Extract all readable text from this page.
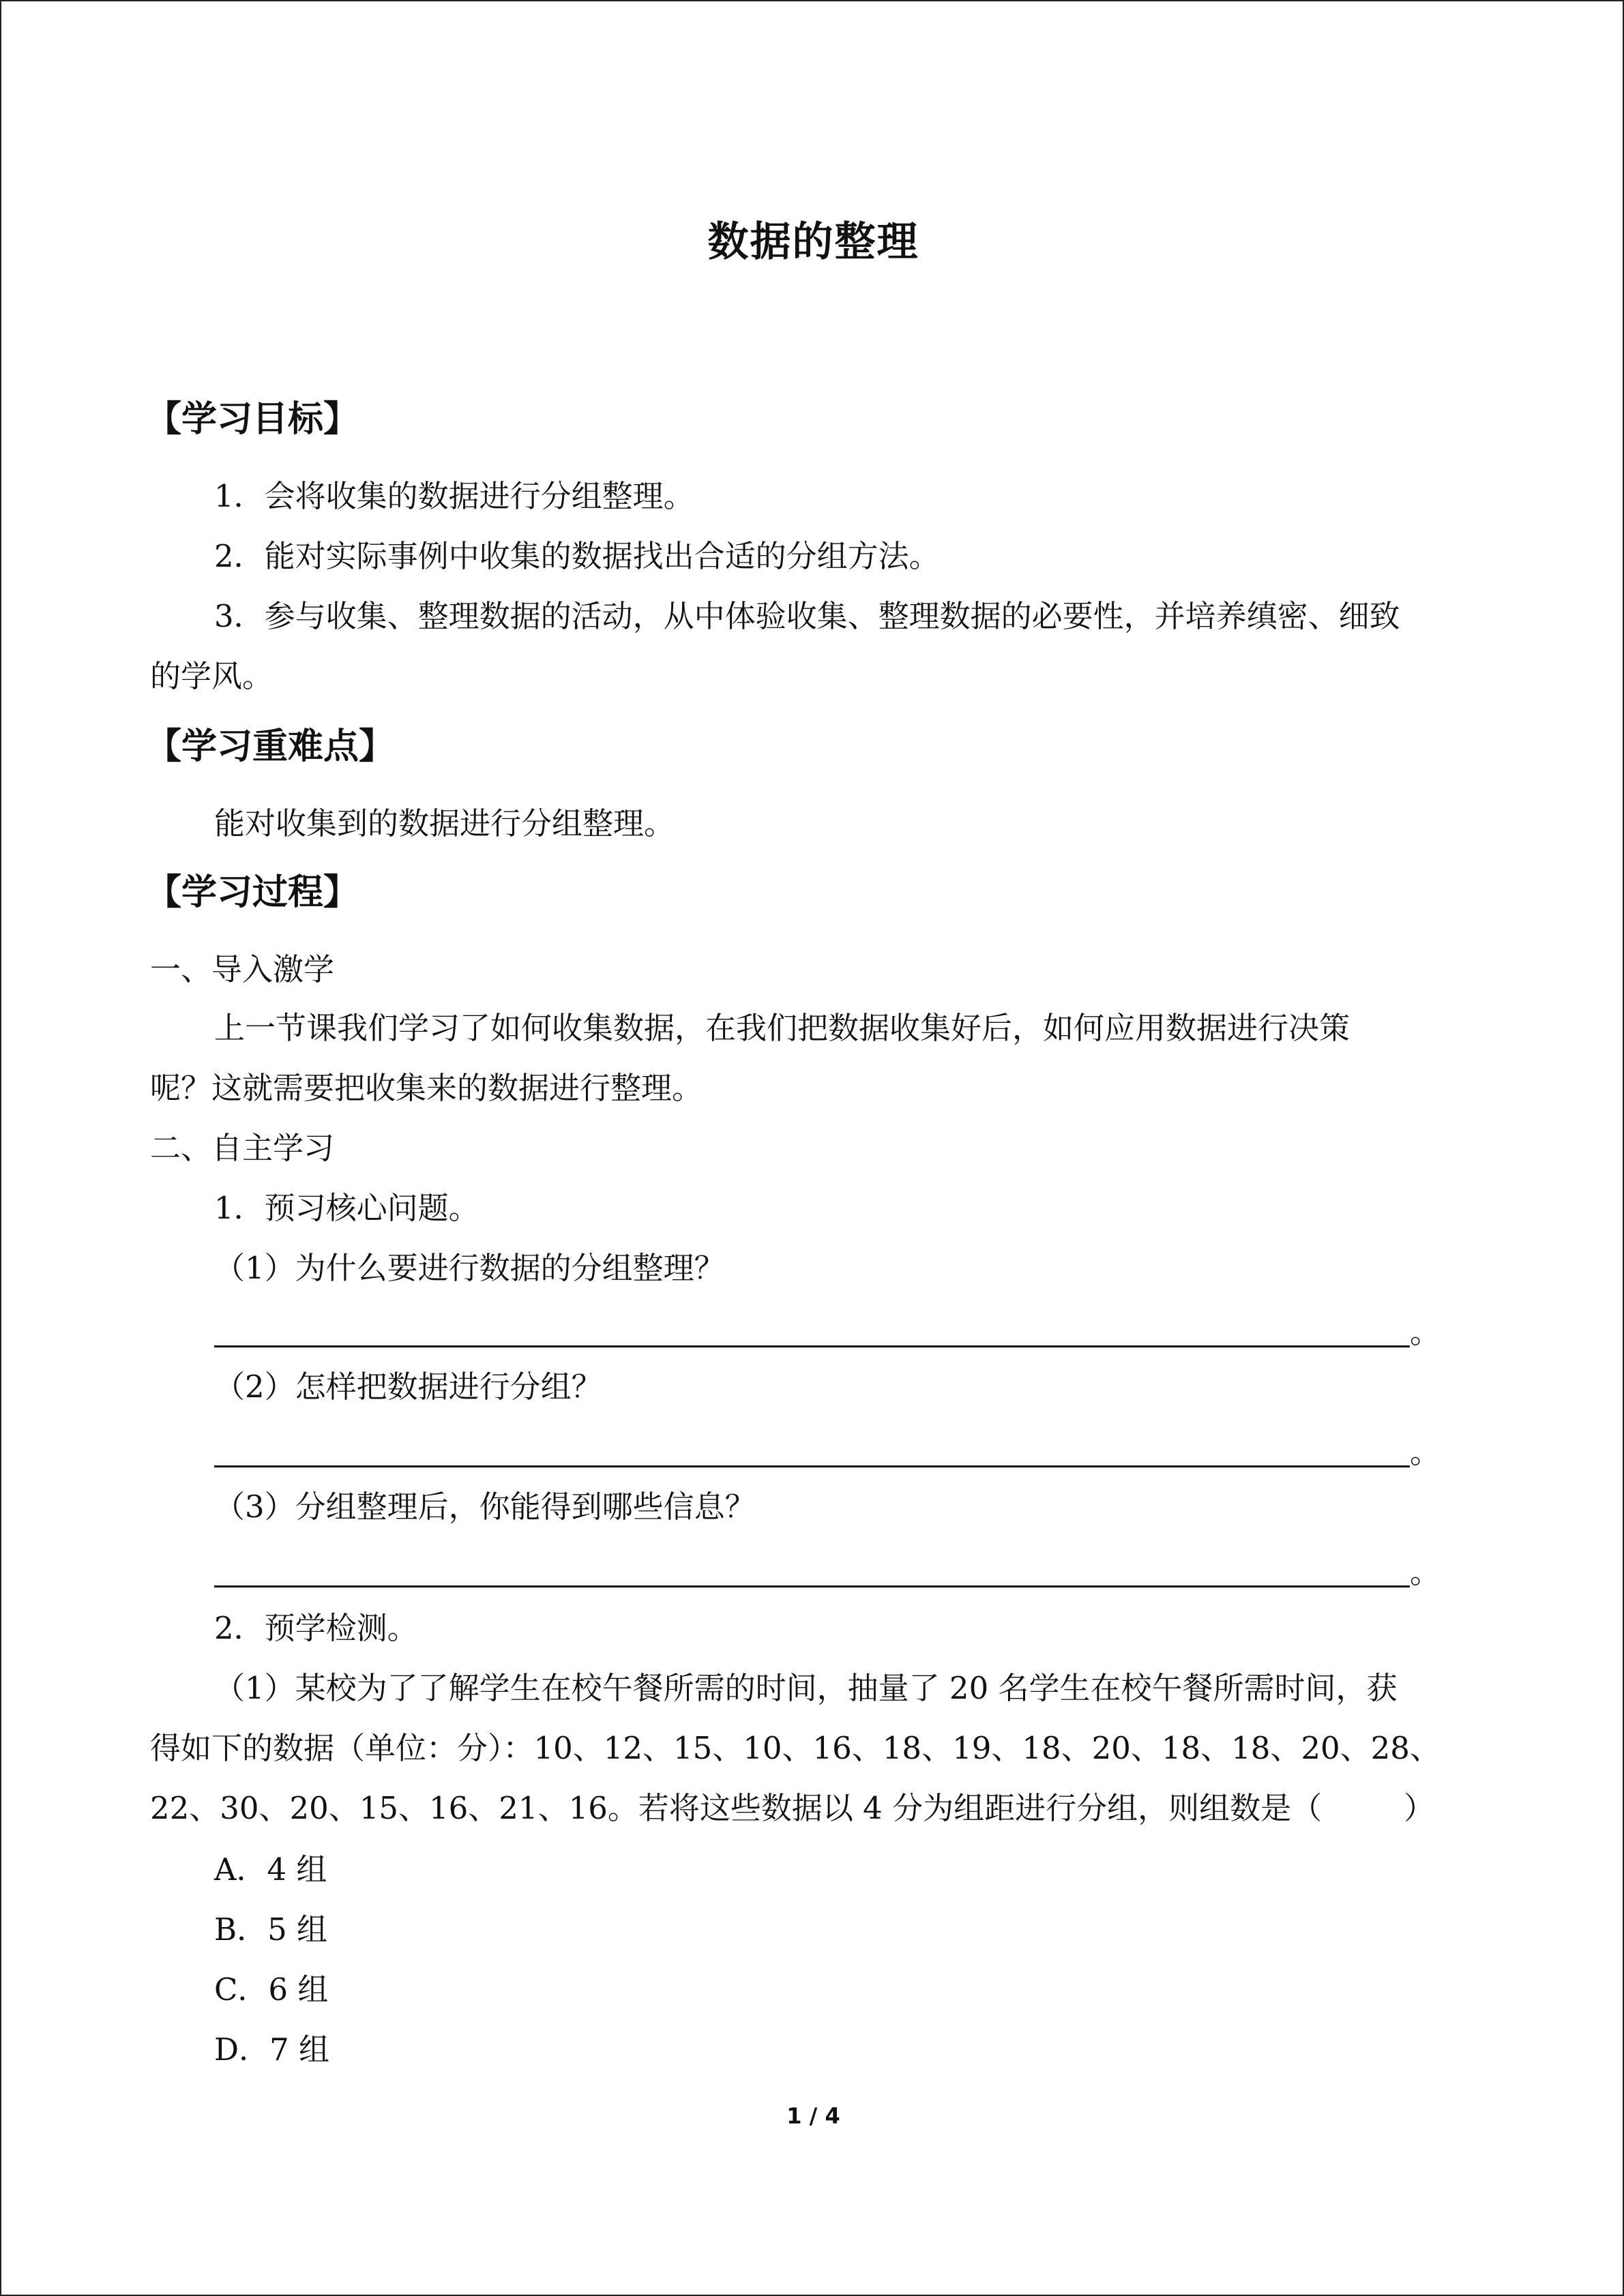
数据的整理
【学习目标】
1．会将收集的数据进行分组整理。
2．能对实际事例中收集的数据找出合适的分组方法。
3．参与收集、整理数据的活动，从中体验收集、整理数据的必要性，并培养缜密、细致
的学风。
【学习重难点】
能对收集到的数据进行分组整理。
【学习过程】
一、导入激学
上一节课我们学习了如何收集数据，在我们把数据收集好后，如何应用数据进行决策
呢？这就需要把收集来的数据进行整理。
二、自主学习
1．预习核心问题。
（1）为什么要进行数据的分组整理？
。
（2）怎样把数据进行分组？
。
（3）分组整理后，你能得到哪些信息？
。
2．预学检测。
（1）某校为了了解学生在校午餐所需的时间，抽量了 20 名学生在校午餐所需时间，获
得如下的数据（单位：分）：10、12、15、10、16、18、19、18、20、18、18、20、28、
22、30、20、15、16、21、16。若将这些数据以 4 分为组距进行分组，则组数是（	）
A．4 组
B．5 组
C．6 组
D．7 组
1 / 4
